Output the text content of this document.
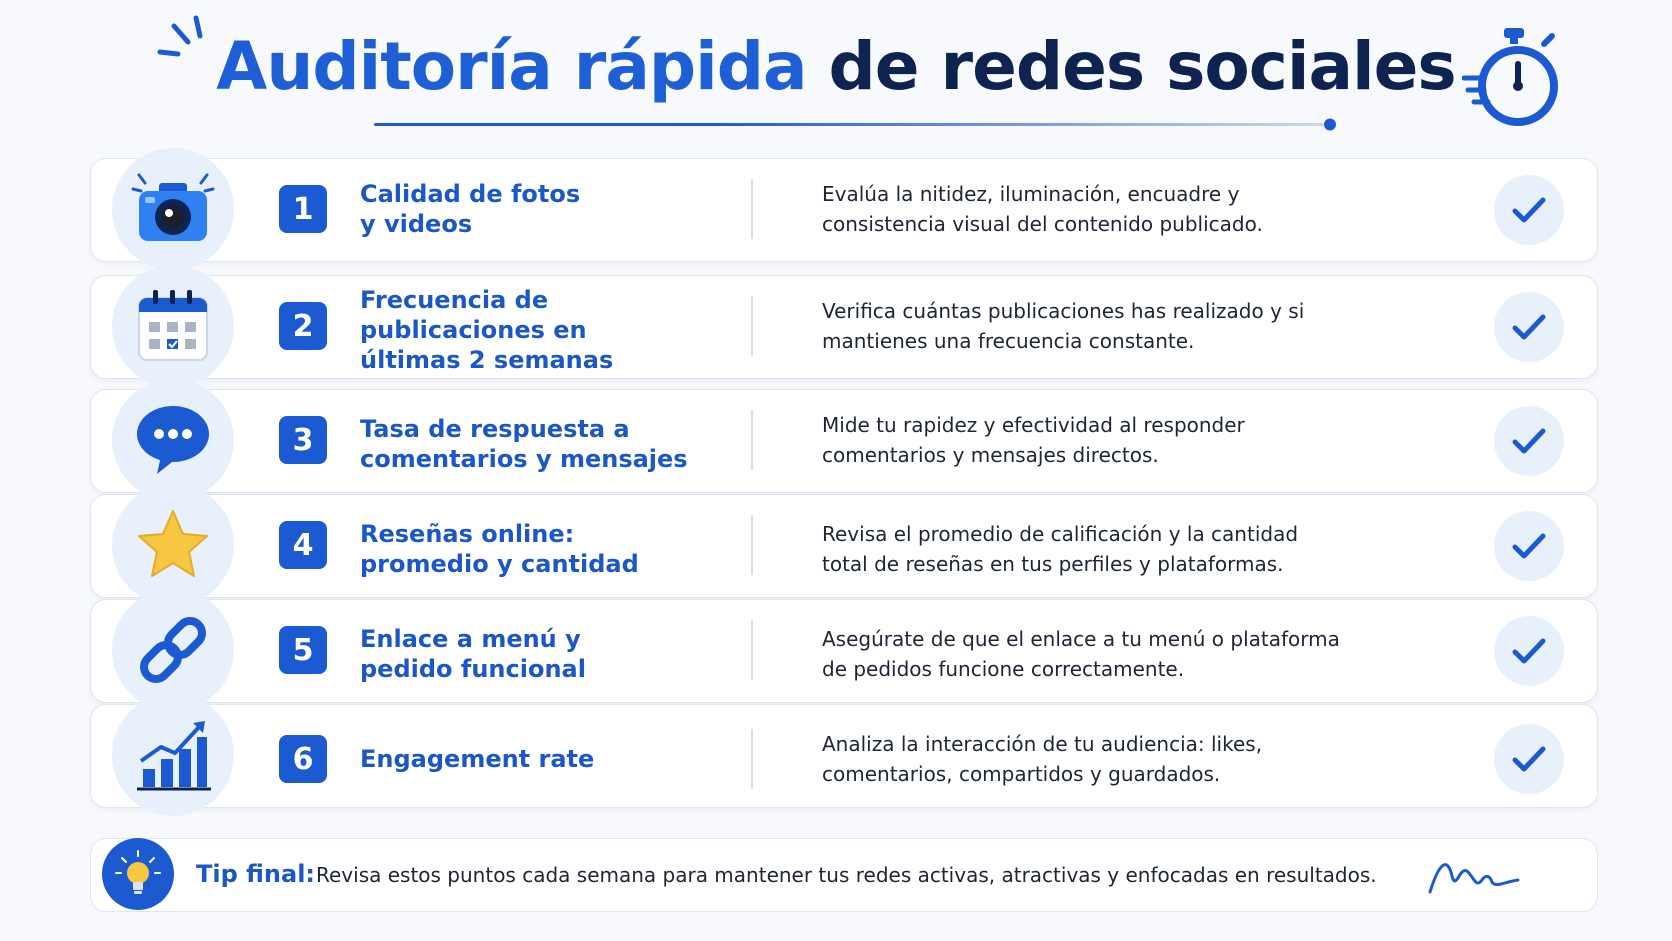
Auditoría rápida de redes sociales
1	Calidad de fotos y videos
Evalúa la nitidez, iluminación, encuadre y consistencia visual del contenido publicado.
2
Frecuencia de publicaciones en últimas 2 semanas
Verifica cuántas publicaciones has realizado y si mantienes una frecuencia constante.
3	Tasa de respuesta a comentarios y mensajes
Mide tu rapidez y efectividad al responder comentarios y mensajes directos.
4	Reseñas online: promedio y cantidad
Revisa el promedio de calificación y la cantidad total de reseñas en tus perfiles y plataformas.
5	Enlace a menú y pedido funcional
Asegúrate de que el enlace a tu menú o plataforma de pedidos funcione correctamente.
6	Engagement rate
Analiza la interacción de tu audiencia: likes, comentarios, compartidos y guardados.
Tip final: Revisa estos puntos cada semana para mantener tus redes activas, atractivas y enfocadas en resultados.
